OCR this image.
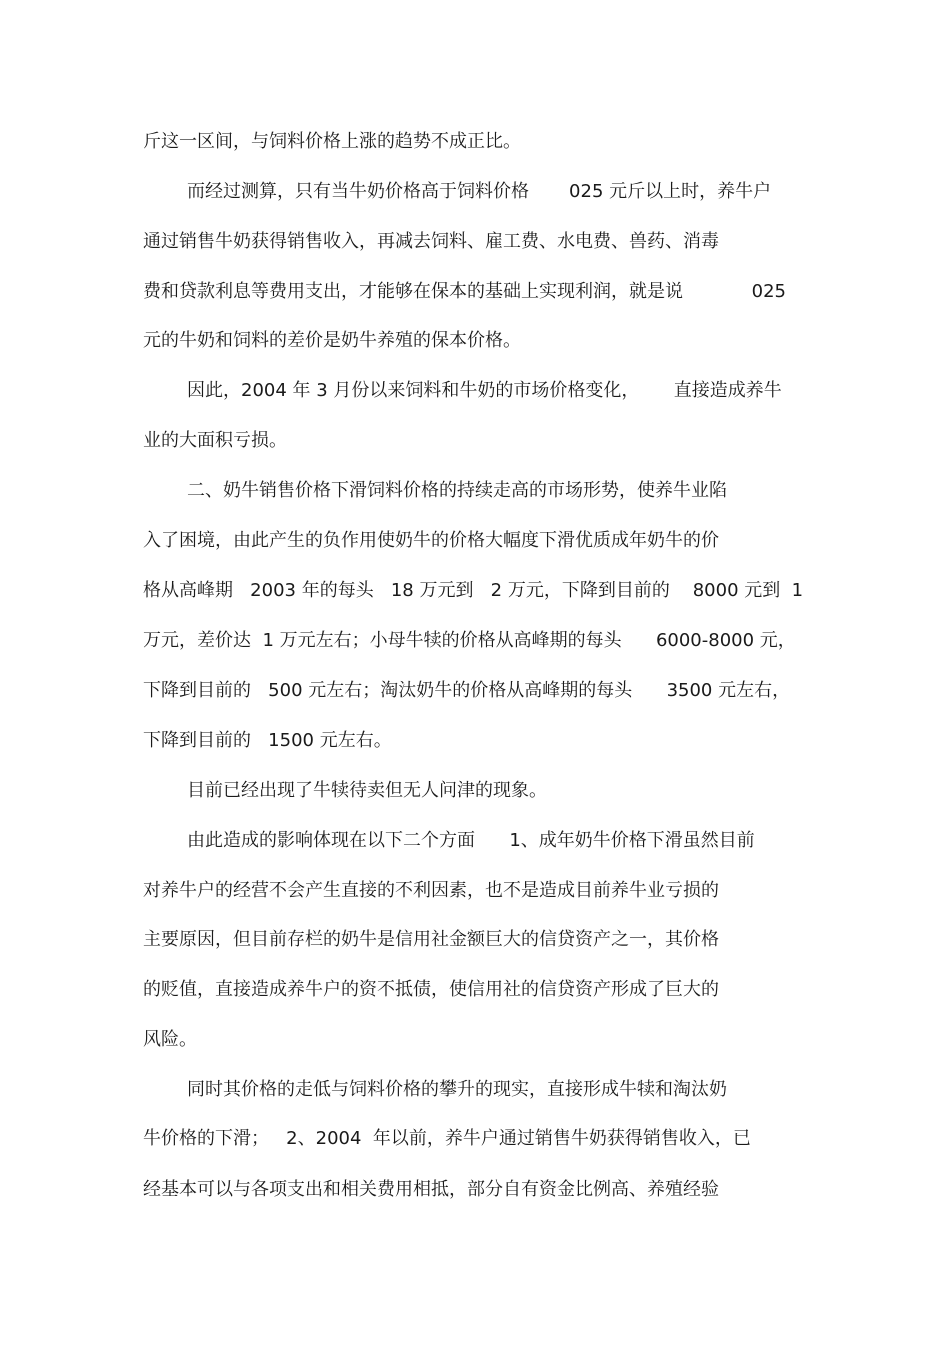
斤这一区间，与饲料价格上涨的趋势不成正比。
而经过测算，只有当牛奶价格高于饲料价格       025 元斤以上时，养牛户
通过销售牛奶获得销售收入，再减去饲料、雇工费、水电费、兽药、消毒
费和贷款利息等费用支出，才能够在保本的基础上实现利润，就是说            025
元的牛奶和饲料的差价是奶牛养殖的保本价格。
因此，2004 年 3 月份以来饲料和牛奶的市场价格变化，      直接造成养牛
业的大面积亏损。
二、奶牛销售价格下滑饲料价格的持续走高的市场形势，使养牛业陷
入了困境，由此产生的负作用使奶牛的价格大幅度下滑优质成年奶牛的价
格从高峰期   2003 年的每头   18 万元到   2 万元，下降到目前的    8000 元到  1
万元，差价达  1 万元左右；小母牛犊的价格从高峰期的每头      6000-8000 元，
下降到目前的   500 元左右；淘汰奶牛的价格从高峰期的每头      3500 元左右，
下降到目前的   1500 元左右。
目前已经出现了牛犊待卖但无人问津的现象。
由此造成的影响体现在以下二个方面      1、成年奶牛价格下滑虽然目前
对养牛户的经营不会产生直接的不利因素，也不是造成目前养牛业亏损的
主要原因，但目前存栏的奶牛是信用社金额巨大的信贷资产之一，其价格
的贬值，直接造成养牛户的资不抵债，使信用社的信贷资产形成了巨大的
风险。
同时其价格的走低与饲料价格的攀升的现实，直接形成牛犊和淘汰奶
牛价格的下滑；   2、2004  年以前，养牛户通过销售牛奶获得销售收入，已
经基本可以与各项支出和相关费用相抵，部分自有资金比例高、养殖经验
